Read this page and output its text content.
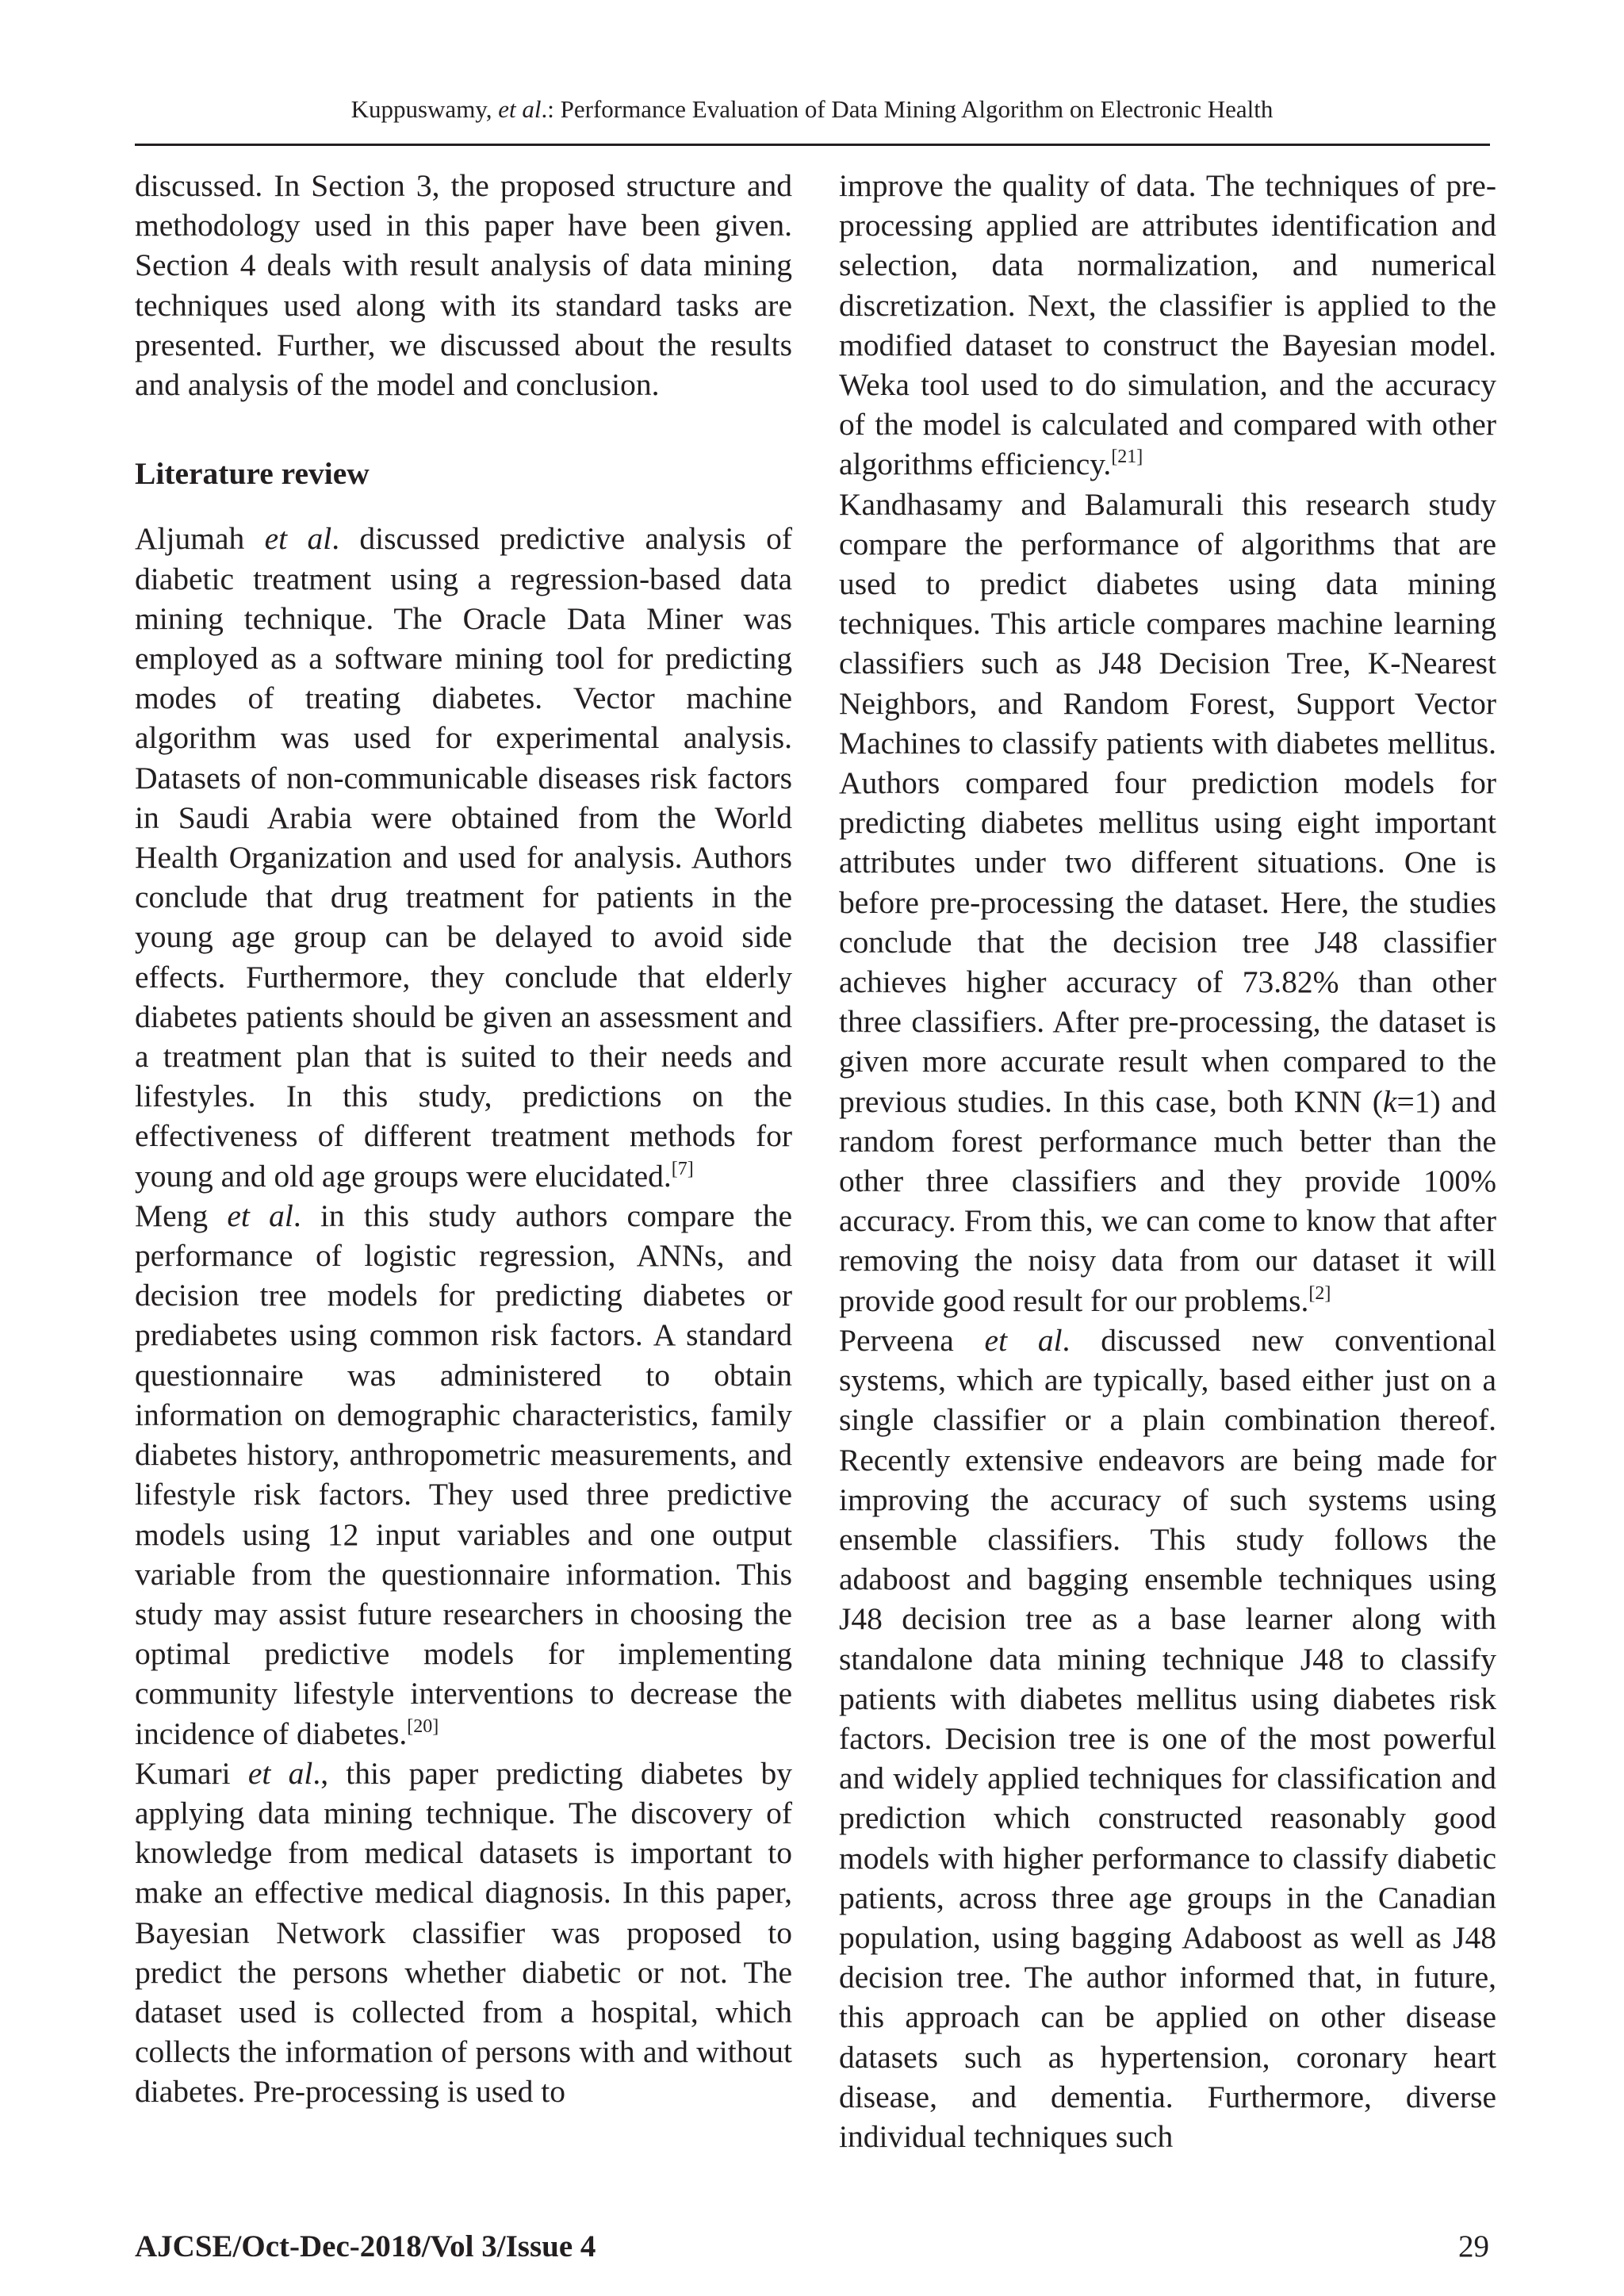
Kuppuswamy, et al.: Performance Evaluation of Data Mining Algorithm on Electronic Health

discussed. In Section 3, the proposed structure and methodology used in this paper have been given. Section 4 deals with result analysis of data mining techniques used along with its standard tasks are presented. Further, we discussed about the results and analysis of the model and conclusion.

Literature review

Aljumah et al. discussed predictive analysis of diabetic treatment using a regression-based data mining technique. The Oracle Data Miner was employed as a software mining tool for predicting modes of treating diabetes. Vector machine algorithm was used for experimental analysis. Datasets of non-communicable diseases risk factors in Saudi Arabia were obtained from the World Health Organization and used for analysis. Authors conclude that drug treatment for patients in the young age group can be delayed to avoid side effects. Furthermore, they conclude that elderly diabetes patients should be given an assessment and a treatment plan that is suited to their needs and lifestyles. In this study, predictions on the effectiveness of different treatment methods for young and old age groups were elucidated.[7]

Meng et al. in this study authors compare the performance of logistic regression, ANNs, and decision tree models for predicting diabetes or prediabetes using common risk factors. A standard questionnaire was administered to obtain information on demographic characteristics, family diabetes history, anthropometric measurements, and lifestyle risk factors. They used three predictive models using 12 input variables and one output variable from the questionnaire information. This study may assist future researchers in choosing the optimal predictive models for implementing community lifestyle interventions to decrease the incidence of diabetes.[20]

Kumari et al., this paper predicting diabetes by applying data mining technique. The discovery of knowledge from medical datasets is important to make an effective medical diagnosis. In this paper, Bayesian Network classifier was proposed to predict the persons whether diabetic or not. The dataset used is collected from a hospital, which collects the information of persons with and without diabetes. Pre-processing is used to

improve the quality of data. The techniques of pre-processing applied are attributes identification and selection, data normalization, and numerical discretization. Next, the classifier is applied to the modified dataset to construct the Bayesian model. Weka tool used to do simulation, and the accuracy of the model is calculated and compared with other algorithms efficiency.[21]

Kandhasamy and Balamurali this research study compare the performance of algorithms that are used to predict diabetes using data mining techniques. This article compares machine learning classifiers such as J48 Decision Tree, K-Nearest Neighbors, and Random Forest, Support Vector Machines to classify patients with diabetes mellitus. Authors compared four prediction models for predicting diabetes mellitus using eight important attributes under two different situations. One is before pre-processing the dataset. Here, the studies conclude that the decision tree J48 classifier achieves higher accuracy of 73.82% than other three classifiers. After pre-processing, the dataset is given more accurate result when compared to the previous studies. In this case, both KNN (k=1) and random forest performance much better than the other three classifiers and they provide 100% accuracy. From this, we can come to know that after removing the noisy data from our dataset it will provide good result for our problems.[2]

Perveena et al. discussed new conventional systems, which are typically, based either just on a single classifier or a plain combination thereof. Recently extensive endeavors are being made for improving the accuracy of such systems using ensemble classifiers. This study follows the adaboost and bagging ensemble techniques using J48 decision tree as a base learner along with standalone data mining technique J48 to classify patients with diabetes mellitus using diabetes risk factors. Decision tree is one of the most powerful and widely applied techniques for classification and prediction which constructed reasonably good models with higher performance to classify diabetic patients, across three age groups in the Canadian population, using bagging Adaboost as well as J48 decision tree. The author informed that, in future, this approach can be applied on other disease datasets such as hypertension, coronary heart disease, and dementia. Furthermore, diverse individual techniques such

AJCSE/Oct-Dec-2018/Vol 3/Issue 4	29
